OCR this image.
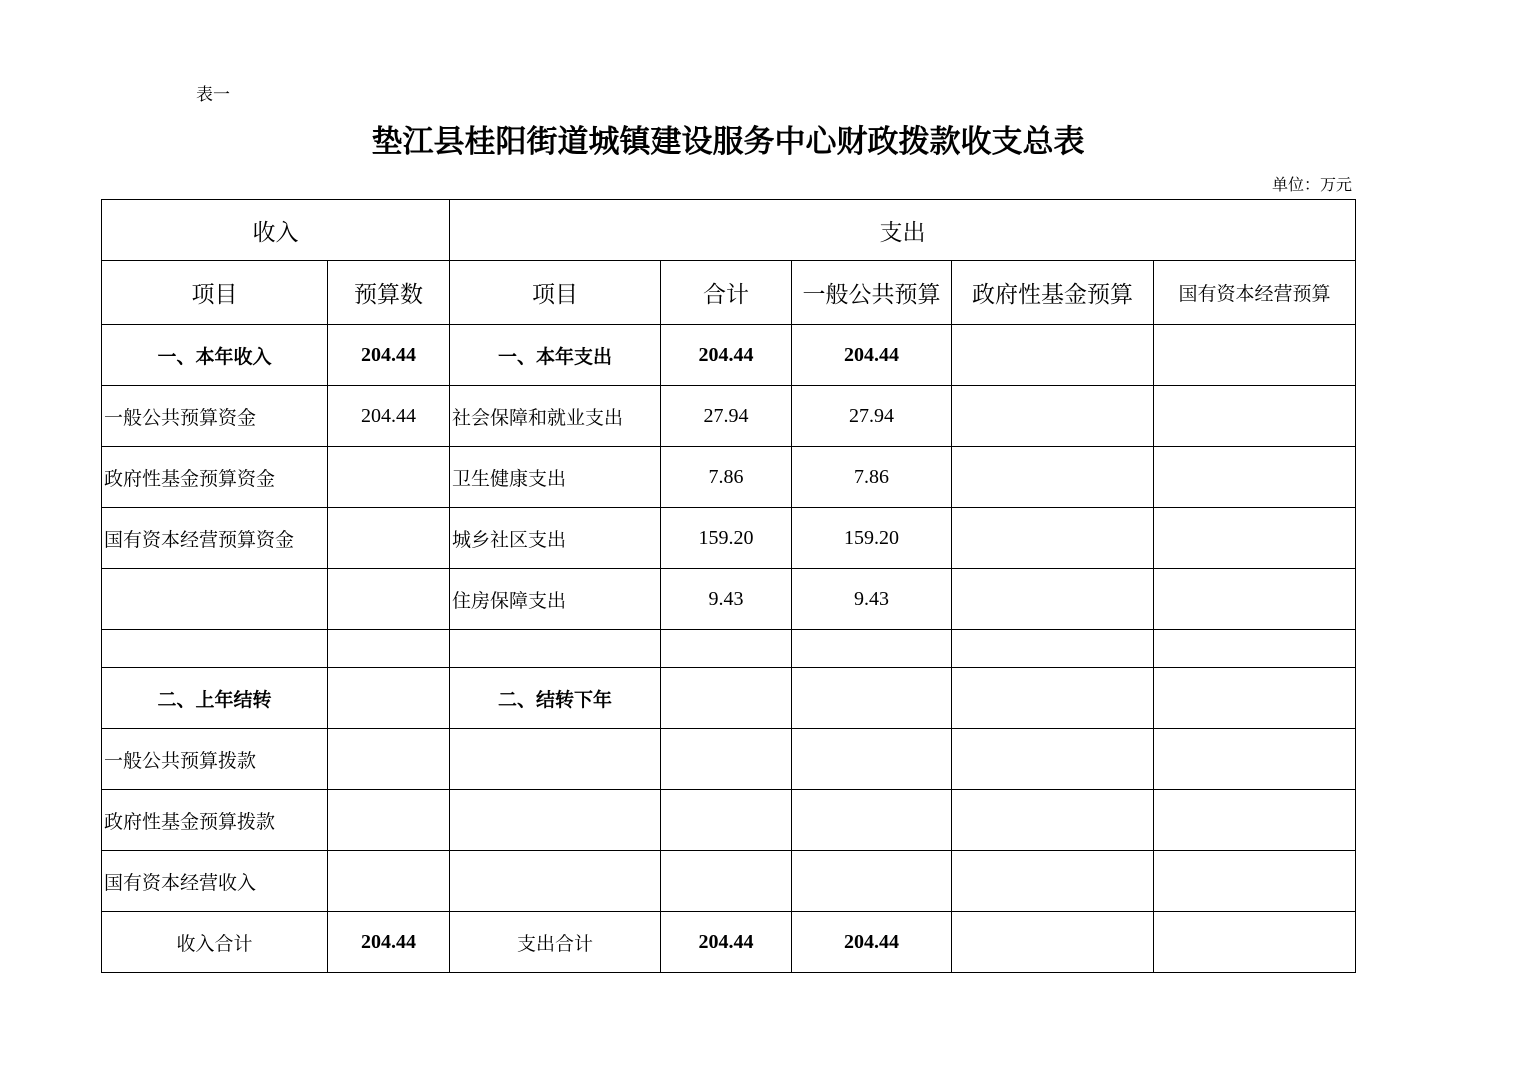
表一
垫江县桂阳街道城镇建设服务中心财政拨款收支总表
单位：万元
收入		支出				
项目	预算数	项目	合计	一般公共预算	政府性基金预算	国有资本经营预算
一、本年收入	204.44	一、本年支出	204.44	204.44		
一般公共预算资金	204.44	社会保障和就业支出	27.94	27.94		
政府性基金预算资金		卫生健康支出	7.86	7.86		
国有资本经营预算资金		城乡社区支出	159.20	159.20		
		住房保障支出	9.43	9.43		

二、上年结转		二、结转下年				
一般公共预算拨款						
政府性基金预算拨款						
国有资本经营收入						
收入合计	204.44	支出合计	204.44	204.44		
